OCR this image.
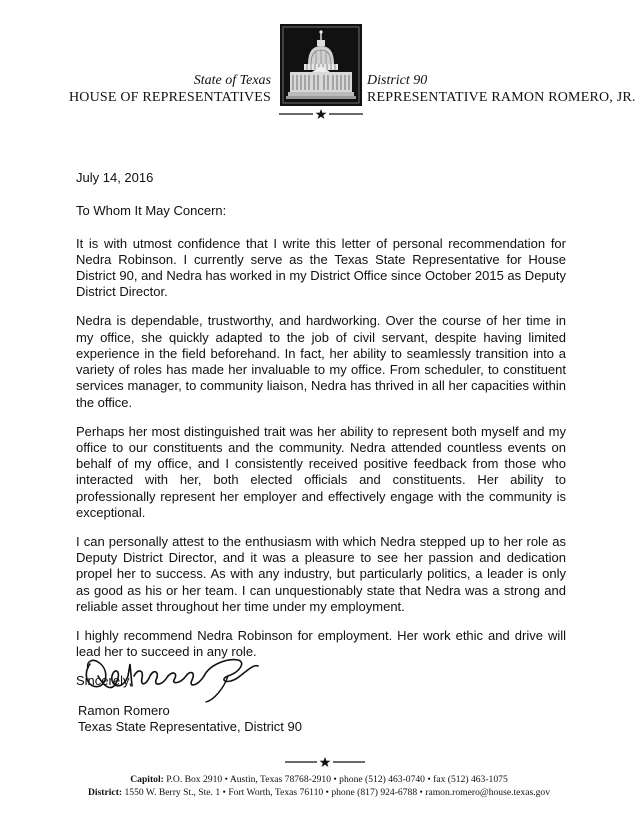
State of Texas
HOUSE OF REPRESENTATIVES
District 90
REPRESENTATIVE RAMON ROMERO, JR.

July 14, 2016

To Whom It May Concern:

It is with utmost confidence that I write this letter of personal recommendation for Nedra Robinson. I currently serve as the Texas State Representative for House District 90, and Nedra has worked in my District Office since October 2015 as Deputy District Director.

Nedra is dependable, trustworthy, and hardworking. Over the course of her time in my office, she quickly adapted to the job of civil servant, despite having limited experience in the field beforehand. In fact, her ability to seamlessly transition into a variety of roles has made her invaluable to my office. From scheduler, to constituent services manager, to community liaison, Nedra has thrived in all her capacities within the office.

Perhaps her most distinguished trait was her ability to represent both myself and my office to our constituents and the community. Nedra attended countless events on behalf of my office, and I consistently received positive feedback from those who interacted with her, both elected officials and constituents. Her ability to professionally represent her employer and effectively engage with the community is exceptional.

I can personally attest to the enthusiasm with which Nedra stepped up to her role as Deputy District Director, and it was a pleasure to see her passion and dedication propel her to success. As with any industry, but particularly politics, a leader is only as good as his or her team. I can unquestionably state that Nedra was a strong and reliable asset throughout her time under my employment.

I highly recommend Nedra Robinson for employment. Her work ethic and drive will lead her to succeed in any role.

Sincerely,

Ramon Romero
Texas State Representative, District 90
Capitol: P.O. Box 2910 • Austin, Texas 78768-2910 • phone (512) 463-0740 • fax (512) 463-1075
District: 1550 W. Berry St., Ste. 1 • Fort Worth, Texas 76110 • phone (817) 924-6788 • ramon.romero@house.texas.gov
